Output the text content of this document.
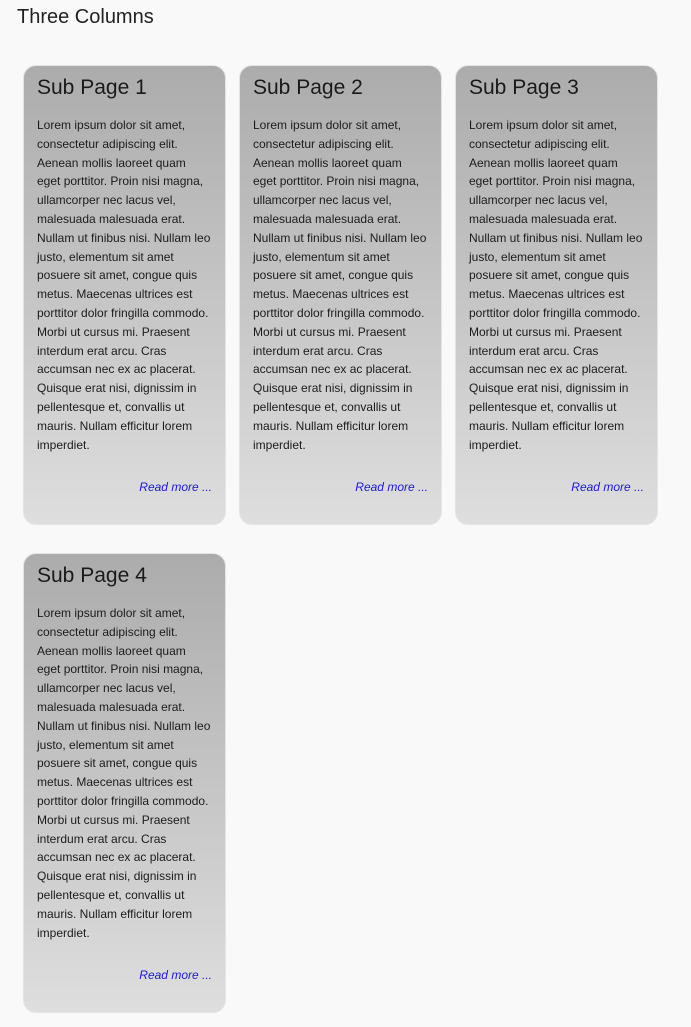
Three Columns
Sub Page 1

Lorem ipsum dolor sit amet, consectetur adipiscing elit. Aenean mollis laoreet quam eget porttitor. Proin nisi magna, ullamcorper nec lacus vel, malesuada malesuada erat. Nullam ut finibus nisi. Nullam leo justo, elementum sit amet posuere sit amet, congue quis metus. Maecenas ultrices est porttitor dolor fringilla commodo. Morbi ut cursus mi. Praesent interdum erat arcu. Cras accumsan nec ex ac placerat. Quisque erat nisi, dignissim in pellentesque et, convallis ut mauris. Nullam efficitur lorem imperdiet.

Read more ...
Sub Page 2

Lorem ipsum dolor sit amet, consectetur adipiscing elit. Aenean mollis laoreet quam eget porttitor. Proin nisi magna, ullamcorper nec lacus vel, malesuada malesuada erat. Nullam ut finibus nisi. Nullam leo justo, elementum sit amet posuere sit amet, congue quis metus. Maecenas ultrices est porttitor dolor fringilla commodo. Morbi ut cursus mi. Praesent interdum erat arcu. Cras accumsan nec ex ac placerat. Quisque erat nisi, dignissim in pellentesque et, convallis ut mauris. Nullam efficitur lorem imperdiet.

Read more ...
Sub Page 3

Lorem ipsum dolor sit amet, consectetur adipiscing elit. Aenean mollis laoreet quam eget porttitor. Proin nisi magna, ullamcorper nec lacus vel, malesuada malesuada erat. Nullam ut finibus nisi. Nullam leo justo, elementum sit amet posuere sit amet, congue quis metus. Maecenas ultrices est porttitor dolor fringilla commodo. Morbi ut cursus mi. Praesent interdum erat arcu. Cras accumsan nec ex ac placerat. Quisque erat nisi, dignissim in pellentesque et, convallis ut mauris. Nullam efficitur lorem imperdiet.

Read more ...
Sub Page 4

Lorem ipsum dolor sit amet, consectetur adipiscing elit. Aenean mollis laoreet quam eget porttitor. Proin nisi magna, ullamcorper nec lacus vel, malesuada malesuada erat. Nullam ut finibus nisi. Nullam leo justo, elementum sit amet posuere sit amet, congue quis metus. Maecenas ultrices est porttitor dolor fringilla commodo. Morbi ut cursus mi. Praesent interdum erat arcu. Cras accumsan nec ex ac placerat. Quisque erat nisi, dignissim in pellentesque et, convallis ut mauris. Nullam efficitur lorem imperdiet.

Read more ...
